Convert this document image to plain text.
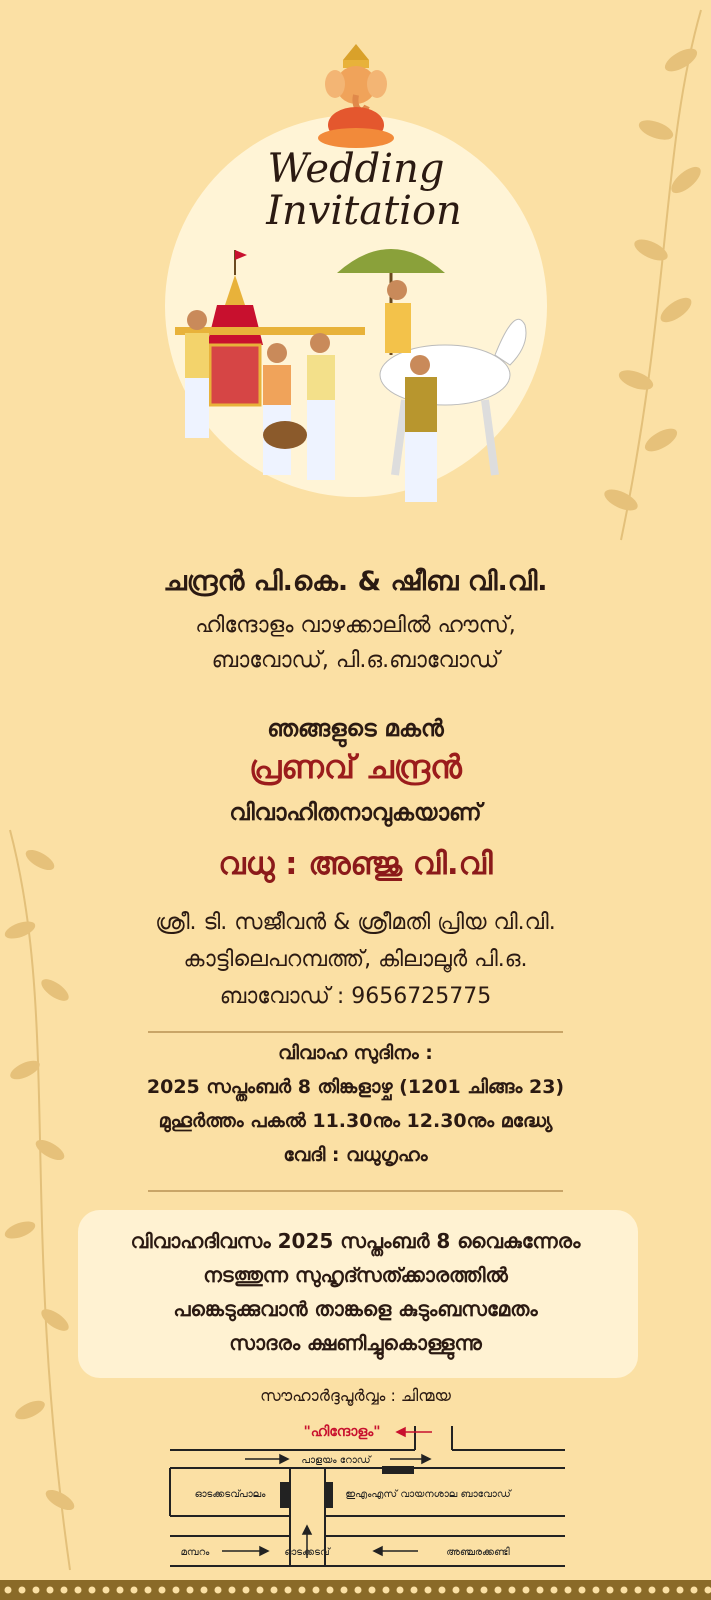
Wedding
Invitation
ചന്ദ്രൻ പി.കെ. & ഷീബ വി.വി.
ഹിന്ദോളം വാഴക്കാലിൽ ഹൗസ്,
ബാവോഡ്, പി.ഒ.ബാവോഡ്
ഞങ്ങളുടെ മകൻ
പ്രണവ് ചന്ദ്രൻ
വിവാഹിതനാവുകയാണ്
വധു : അഞ്ജു വി.വി
ശ്രീ. ടി. സജീവൻ & ശ്രീമതി പ്രിയ വി.വി.
കാട്ടിലെപറമ്പത്ത്, കിലാലൂർ പി.ഒ.
ബാവോഡ് : 9656725775
വിവാഹ സുദിനം :
2025 സപ്തംബർ 8 തിങ്കളാഴ്ച (1201 ചിങ്ങം 23)
മുഹൂർത്തം പകൽ 11.30നും 12.30നും മദ്ധ്യേ
വേദി : വധുഗൃഹം
വിവാഹദിവസം 2025 സപ്തംബർ 8 വൈകുന്നേരം
നടത്തുന്ന സുഹൃദ്സത്ക്കാരത്തിൽ
പങ്കെടുക്കുവാൻ താങ്കളെ കുടുംബസമേതം
സാദരം ക്ഷണിച്ചുകൊള്ളുന്നു
സൗഹാർദ്ദപൂർവ്വം : ചിന്മയ
"ഹിന്ദോളം"
പാളയം റോഡ്
ഓടക്കടവ്പാലം	ഇഎംഎസ് വായനശാല ബാവോഡ്
മമ്പറം	ഓടക്കടവ്	അഞ്ചരക്കണ്ടി
